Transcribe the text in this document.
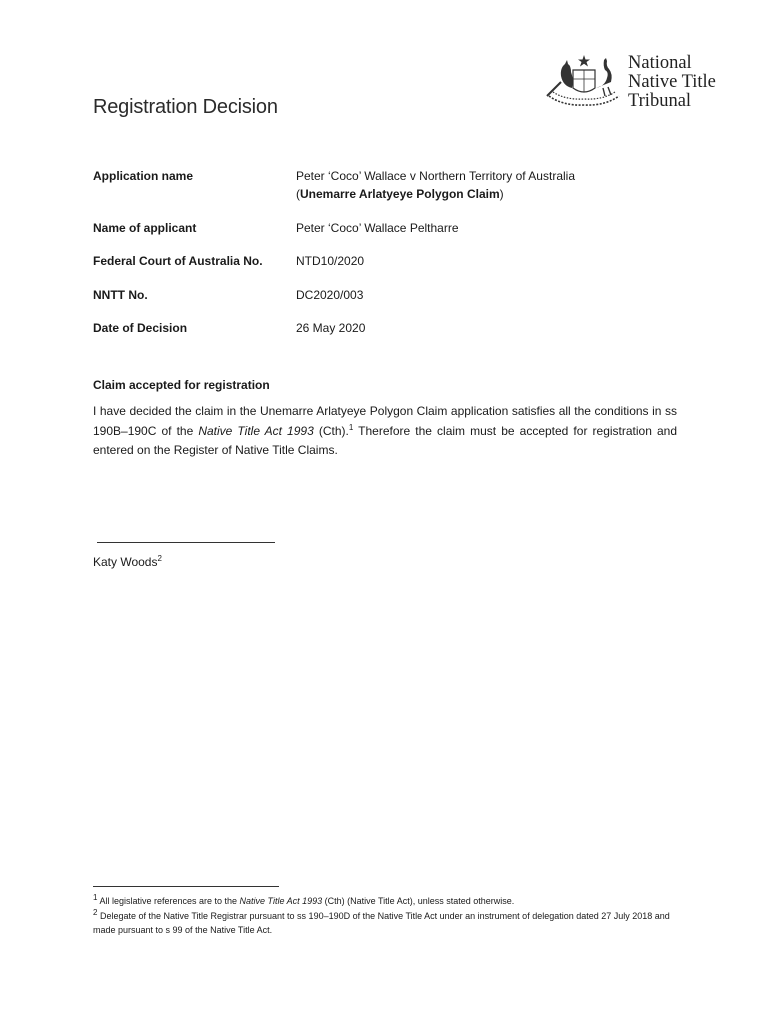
National
Native Title
Tribunal
Registration Decision
Application name	Peter ‘Coco’ Wallace v Northern Territory of Australia
(Unemarre Arlatyeye Polygon Claim)
Name of applicant	Peter ‘Coco’ Wallace Peltharre
Federal Court of Australia No.	NTD10/2020
NNTT No.	DC2020/003
Date of Decision	26 May 2020
Claim accepted for registration
I have decided the claim in the Unemarre Arlatyeye Polygon Claim application satisfies all the conditions in ss 190B–190C of the Native Title Act 1993 (Cth).$^1$ Therefore the claim must be accepted for registration and entered on the Register of Native Title Claims.
Katy Woods$^2$
$^1$ All legislative references are to the Native Title Act 1993 (Cth) (Native Title Act), unless stated otherwise.
$^2$ Delegate of the Native Title Registrar pursuant to ss 190–190D of the Native Title Act under an instrument of delegation dated 27 July 2018 and made pursuant to s 99 of the Native Title Act.
